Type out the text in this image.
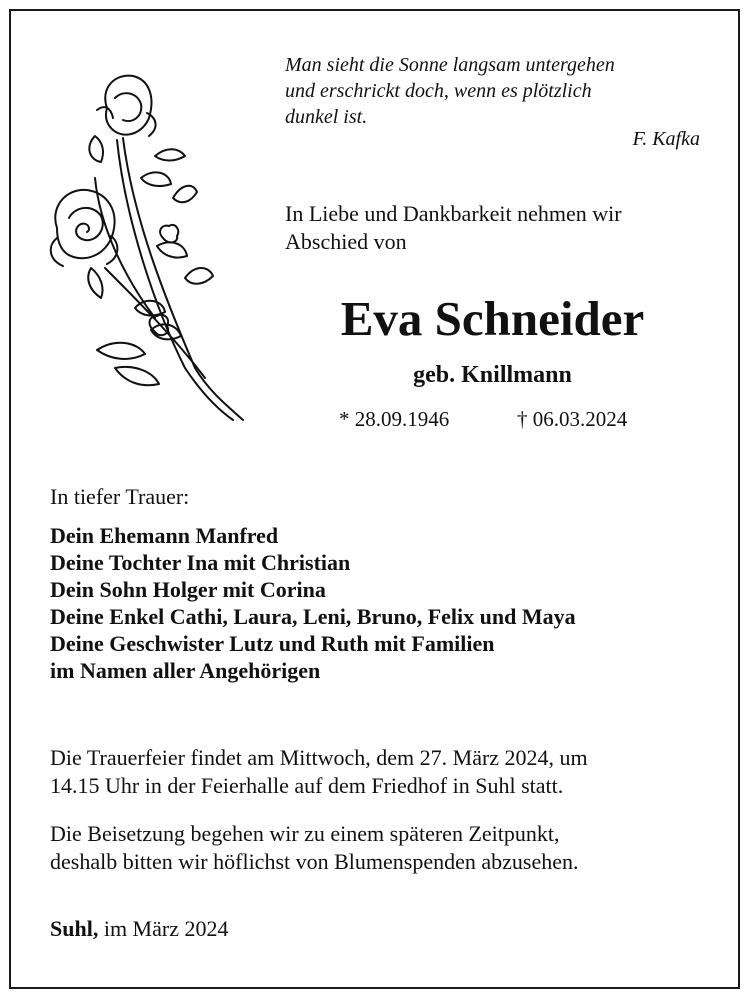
Man sieht die Sonne langsam untergehen
und erschrickt doch, wenn es plötzlich
dunkel ist.
F. Kafka
In Liebe und Dankbarkeit nehmen wir
Abschied von
Eva Schneider
geb. Knillmann
* 28.09.1946	† 06.03.2024
In tiefer Trauer:
Dein Ehemann Manfred
Deine Tochter Ina mit Christian
Dein Sohn Holger mit Corina
Deine Enkel Cathi, Laura, Leni, Bruno, Felix und Maya
Deine Geschwister Lutz und Ruth mit Familien
im Namen aller Angehörigen
Die Trauerfeier findet am Mittwoch, dem 27. März 2024, um
14.15 Uhr in der Feierhalle auf dem Friedhof in Suhl statt.
Die Beisetzung begehen wir zu einem späteren Zeitpunkt,
deshalb bitten wir höflichst von Blumenspenden abzusehen.
Suhl, im März 2024
